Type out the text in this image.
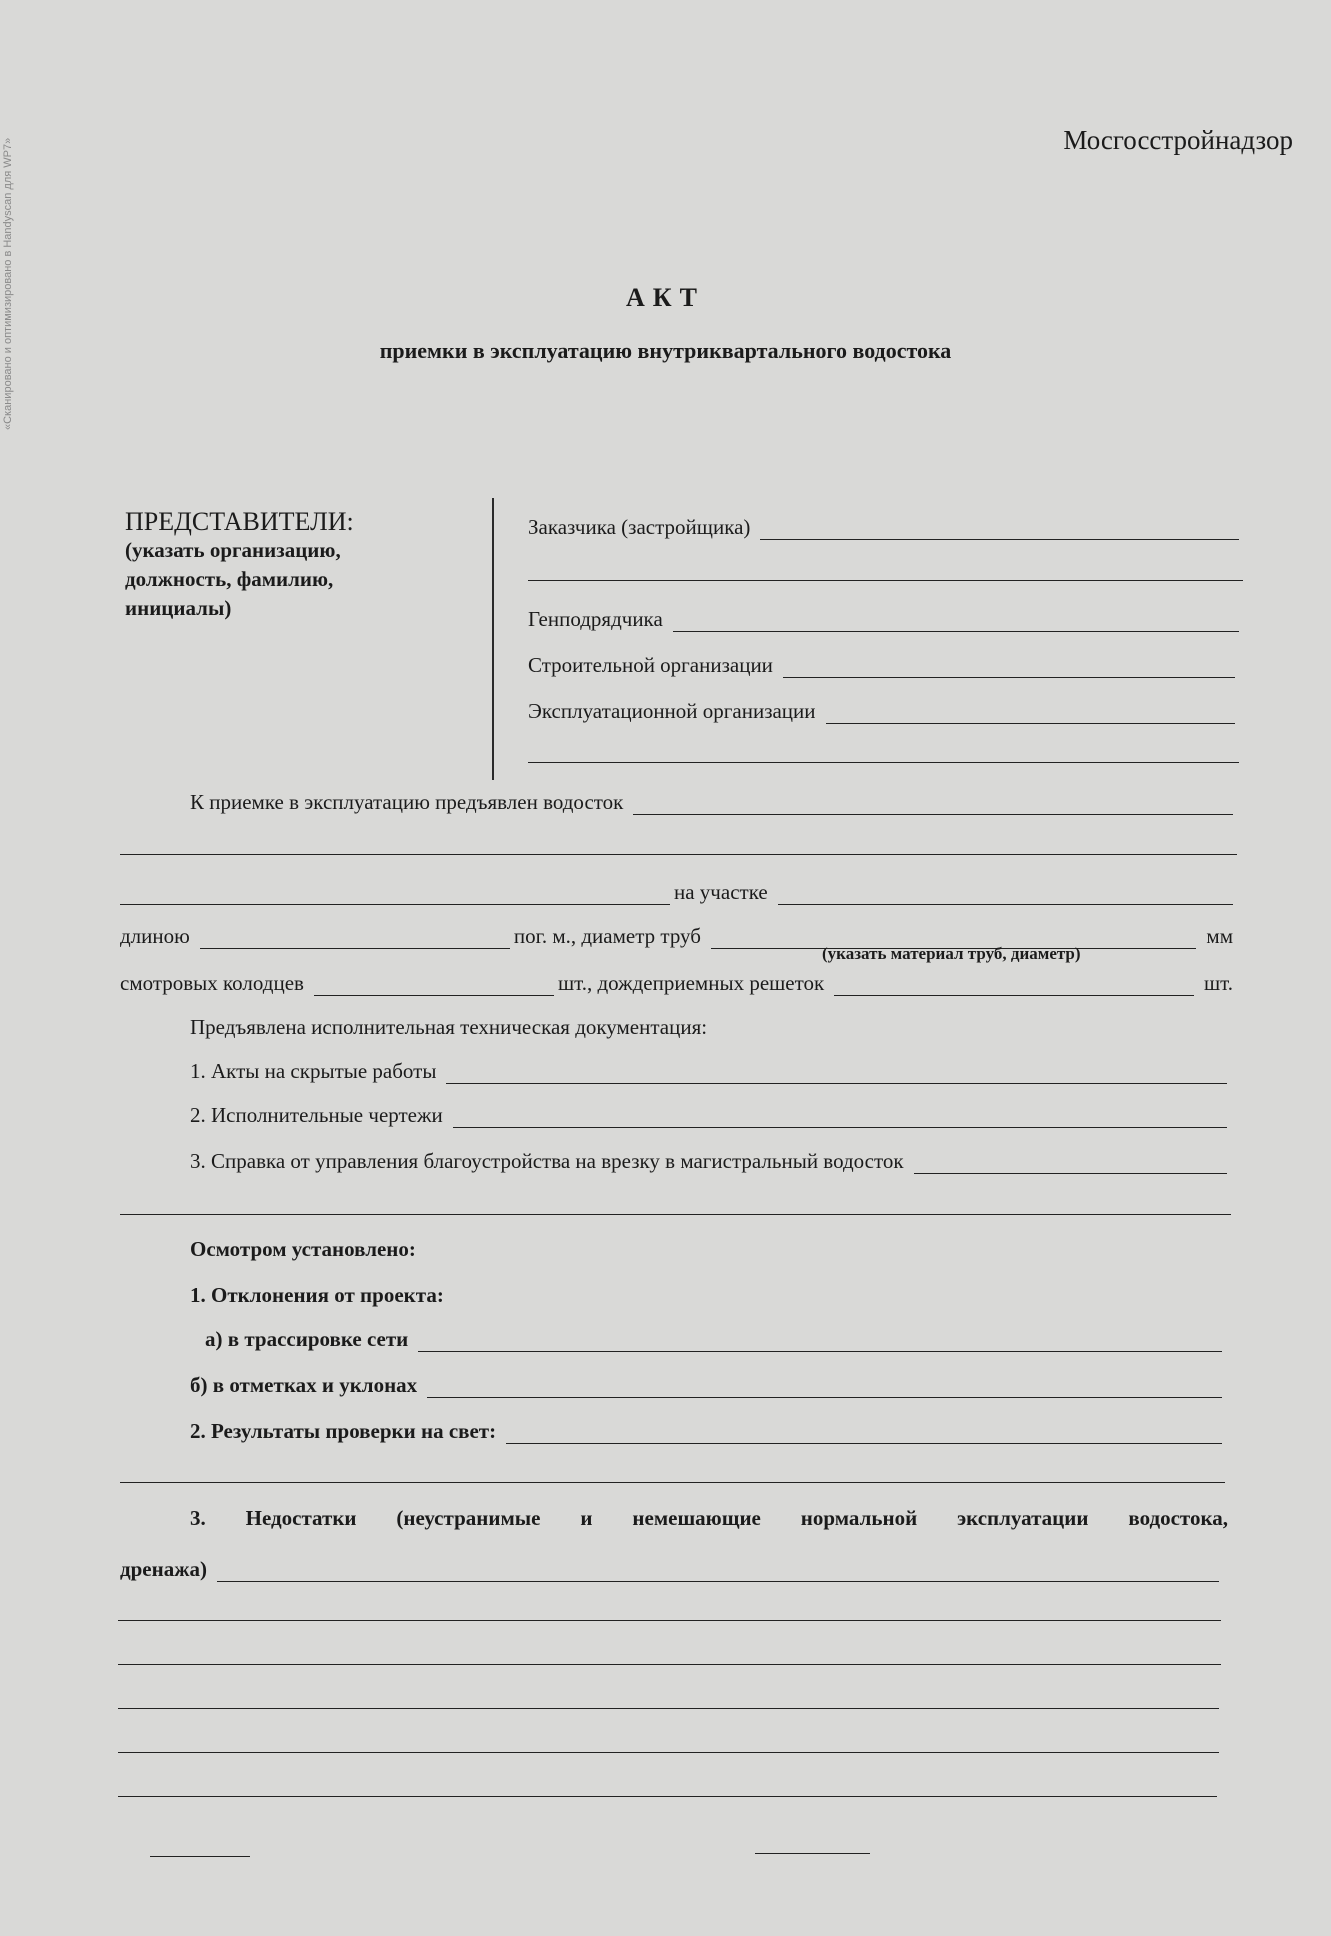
«Сканировано и оптимизировано в Handyscan для WP7»	Мосгосстройнадзор
АКТ
приемки в эксплуатацию внутриквартального водостока
ПРЕДСТАВИТЕЛИ:
(указать организацию,
должность, фамилию,
инициалы)
Заказчика (застройщика)
Генподрядчика
Строительной организации
Эксплуатационной организации
К приемке в эксплуатацию предъявлен водосток
на участке
длиною	пог. м., диаметр труб	мм
(указать материал труб, диаметр)
смотровых колодцев	шт., дождеприемных решеток	шт.
Предъявлена исполнительная техническая документация:
1. Акты на скрытые работы
2. Исполнительные чертежи
3. Справка от управления благоустройства на врезку в магистральный водосток
Осмотром установлено:
1. Отклонения от проекта:
а) в трассировке сети
б) в отметках и уклонах
2. Результаты проверки на свет:
3. Недостатки (неустранимые и немешающие нормальной эксплуатации водостока,
дренажа)
